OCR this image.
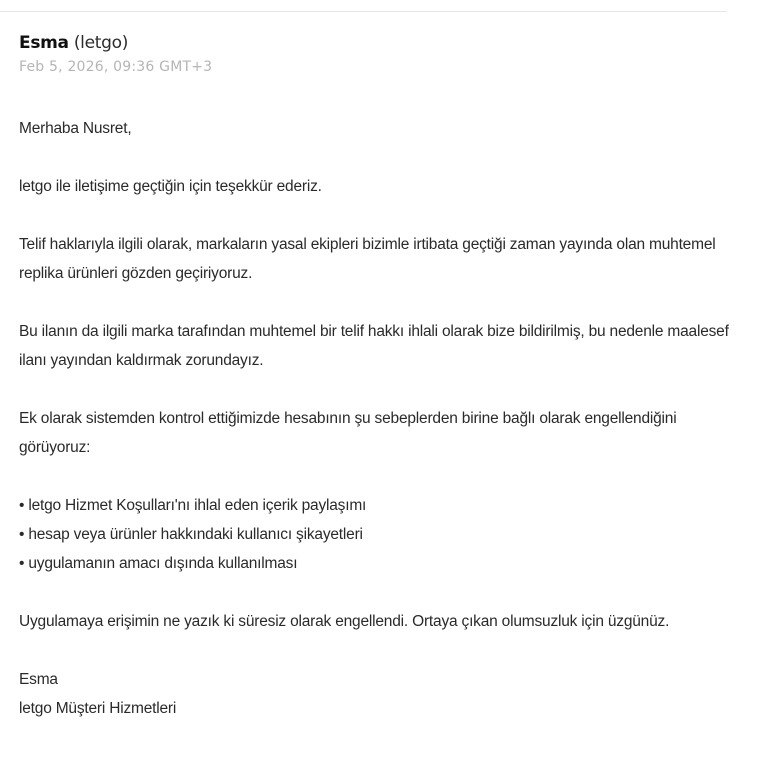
Esma (letgo)
Feb 5, 2026, 09:36 GMT+3

Merhaba Nusret,

letgo ile iletişime geçtiğin için teşekkür ederiz.

Telif haklarıyla ilgili olarak, markaların yasal ekipleri bizimle irtibata geçtiği zaman yayında olan muhtemel replika ürünleri gözden geçiriyoruz.

Bu ilanın da ilgili marka tarafından muhtemel bir telif hakkı ihlali olarak bize bildirilmiş, bu nedenle maalesef ilanı yayından kaldırmak zorundayız.

Ek olarak sistemden kontrol ettiğimizde hesabının şu sebeplerden birine bağlı olarak engellendiğini görüyoruz:

• letgo Hizmet Koşulları'nı ihlal eden içerik paylaşımı
• hesap veya ürünler hakkındaki kullanıcı şikayetleri
• uygulamanın amacı dışında kullanılması

Uygulamaya erişimin ne yazık ki süresiz olarak engellendi. Ortaya çıkan olumsuzluk için üzgünüz.

Esma

letgo Müşteri Hizmetleri
